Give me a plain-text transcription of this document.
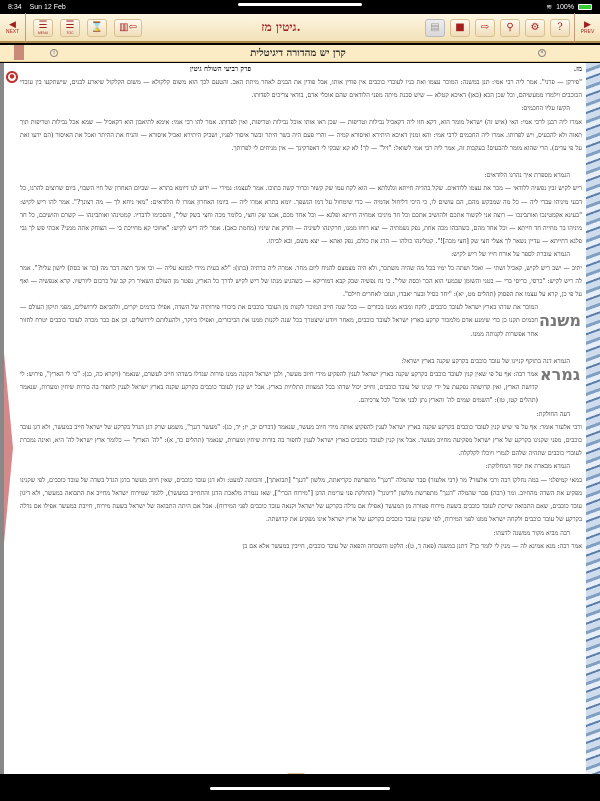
8:34 Sun 12 Feb	≋ 100%
◀
NEXT
☰
MENU
☰
TOC ⌛ ▥⇦	גיטין מז.	▤ ■ ⇨ ⚲ ⚙ ? ▶
PREV
i	קרן יש מהדורה דיגיטלית	×
●
מז.
פרק רביעי השולח גיטין

"פירקן — פרני". אמר ליה רבי אמי: תנן במשנה: המוכר עצמו ואת בניו לעובדי כוכבים אין פודין אותו, אבל פודין את הבנים לאחר מיתת האב. והטעם לכך הוא משום קלקולא — משום הקלקול שיארע לבנים, שישתקעו בין עובדי הכוכבים וילמדו ממעשיהם, וכל שכן הכא (כאן) דאיכא קטלא — שיש סכנת מיתה מפני הלודאים שהם אוכלי אדם, בודאי צריכים לפדותו.

הקשו עליו החכמים:

אמרו ליה רבנן לרבי אמי: האי (איש זה) ישראל מומר הוא, דקא חזו ליה דקאכיל נבילות וטריפות — שכן ראו אותו אוכל נבילות וטריפות, ואין לפדותו. אמר להו רבי אמי: אימא לתיאבון הוא דקאכיל — שמא אכל נבילות וטריפות תוך תאוה ולא להכעיס, ויש לפדותו. אמרו ליה החכמים לרבי אמי: והא זמנין דאיכא היתירא ואיסורא קמיה — והרי פעם היה בשר היתר ובשר איסור לפניו, ושביק היתירא ואכיל איסורא — והניח את ההיתר ואכל את האיסור (הם ידעו זאת על פי עדים). הרי שהוא מומר להכעיס! בעקבות זה, אמר ליה רבי אמי לשואל: "זיל" — לך! לא קא שבקי לי דאפרקינך — אין מניחים לי לפרותך.

הגמרא מספרת איך נהרגו הלודאים:

ריש לקיש זבין נפשיה ללודאי — מכר את עצמו ללודאים. שקל בהדיה חייתא וגלגלתא — הוא לקח עמו שק קשור וכדור קשה בתוכו. אמר לעצמו: גמירי — ידוע לנו דיומא בתרא — שביום האחרון של חיי השבוי, ביום שרוצים להרגו, כל דבעי מיניהו עבדי ליה — כל מה שמבקש מהם, הם עושים לו, כי היכי דליחול אדמיה — כדי שימחול על דמו הנשפך. יומא בתרא אמרו ליה — ביומו האחרון אמרו לו הלודאים: "מאי ניחא לך — מה רצונך?". אמר להו ריש לקיש: "בעינא אקמטינכו ואותבינכו — רוצה אני לקשור אתכם ולהושיב אתכם וכל חד מיניכו אמחיה חייתא ופלגא — וכל אחד מכם, אכנו שק וחצי, כלומר מכה וחצי בשק שלי", והסכימו לדבריו. קמטינהו ואותבינהו — קשרם והושיבם, כל חד מיניהו בר מחייה חד חייתא — וכל אחד מהם, כשהכהו מכה אחת, נפק נשמתיה — יצא רוחו ממנו, חרקינהו לשיניה — וחרק את שיניו (מחמת כאב). אמר ליה ריש לקיש: "אחוכי קא מחייכת בי — הצוחק אתה ממני? אכתי פש לך גבי פלגא דחייתא — עדיין נשאר לך אצלי חצי שק [חצי מכה]!". קטלינהו כולהו — הרג את כולם, נפק ואתא — יצא משם, ובא לביתו.

הגמרא עוברת לספר על אורח חייו של ריש לקיש:

יתיב — ישב ריש לקיש, קאכיל ושתי — ואכל ושתה כל ימיו בכל מה שהיה משתכר, ולא היה מצמצם להניח ליום מחר. אמרה ליה ברתיה (בתו): "לא בעית מידי למזגא עליה — וכי אינך רוצה דבר מה (כר או כסת) לישון עליו?". אמר לה ריש לקיש: "כרסי, כריסי ברי — בטני והשומן שבמעי הוא הכר וכסת שלי". כי נח נפשיה שבק קבא דמוריקא — כשהגיע מנתו של ריש לקיש לדרך כל הארץ, נפטר מן העולם השאיר רק קב של כרכום ליורשיו. קרא אנפשיה — ואף על פי כן, קרא על עצמו את הפסוק (תהלים מט, יא): "יחד כסיל ובער יאבדו, ועזבו לאחרים חילם".

משנה

המוכר את שדהו בארץ ישראל לעובד כוכבים, לוקח ומביא ממנו בכורים — בכל שנה חייב המוכר לקנות מן העובד כוכבים את ביכורי פירותיה של השדה, אפילו ברמים יקרים, ולהביאם לירושלים, מפני תיקון העולם — חכמים תקנו כן כדי שימנע אדם מלמכור קרקע בארץ ישראל לעובד כוכבים, מאחר ויודע שיצטרך בכל שנה לקנות ממנו את הביכורים, ואפילו ביוקר, ולהעלותם לירושלים. וכן אם כבר מכרה לעובד כוכבים יטרח לחזור אחר אפשרות לקנותה ממנו.

הגמרא דנה בתוקף קניינו של עובד כוכבים בקרקע שקנה בארץ ישראל:

גמרא

אמר רבה: אף על פי שאין קנין לעובד כוכבים בקרקע שקנה בארץ ישראל לענין להפקיע מידי חיוב מעשר, ולכן ישראל הקונה ממנו פירות שגדלו בשדהו חייב לעשרם, שנאמר (ויקרא כה, כג): "כי לי הארץ", פירוש: לי קדושת הארץ, ואין קדושתה נפקעת על ידי קנינו של עובד כוכבים, וחייב יכול שדהו בכל המצוות התלויות בארץ. אבל יש קנין לעובד כוכבים בקרקע שקנה בארץ ישראל לענין לחפור בה בורות שיחין ומערות, שנאמר (תהלים קטו, טז): "השמים שמים לה' והארץ נתן לבני אדם" לכל צרכיהם.

דעה החולקת:

ורבי אלעזר אומר: אף על פי שיש קנין לעובד כוכבים בקרקע שקנה בארץ ישראל לענין להפקיע אותה מידי חיוב מעשר, שנאמר (דברים יב, יז; יד, כג): "מעשר דגנך", משמע שרק דגן הגדל בקרקע של ישראל חייב במעשר, ולא דגן עובד כוכבים, מפני שקנינו בקרקע של ארץ ישראל מפקיעה מחיוב מעשר. אבל אין קנין לעובד כוכבים בארץ ישראל לענין לחפור בה בורות שיחין ומערות, שנאמר (תהלים כד, א): "לה' הארץ" — כלומר ארץ ישראל לה' היא, ואינה נמכרת לעובדי כוכבים שתהיה שלהם לגמרי ויוכלו לקלקלה.

הגמרא מבארת את יסוד המחלוקת:

במאי קמיפלגי — במה נחלקו רבה ורבי אלעזר? מר (רבי אלעזר) סבר שהמלה "דגנך" מתפרשת כקריאתה, מלשון "דגנך" [תבואתך], והכוונה למעט: ולא דגן עובד כוכבים, שאין חיוב מעשר בדגן הגדל בשדה של עובד כוכבים, לפי שקנינו מפקיע את השדה מהחיוב. ומר (רבה) סבר שהמלה "דגנך" מתפרשת מלשון "דיגונך" (החלקת פני ערימת הדגן ["מירוח הכרי"], שאז נגמרה מלאכת הדגן והתחייב במעשר), ללמד שמירוח ישראל מחייב את התבואה במעשר, ולא דיגון עובד כוכבים, שאם התבואה שייכת לעובד כוכבים בשעת מירוח פטורה מן המעשר (אפילו אם גדלה בקרקע של ישראל וקנאה עובד כוכבים לפני המירוח). אבל אם היתה התבואה של ישראל בשעת מירוח, חייבת במעשר אפילו אם גדלה בקרקע של עובד כוכבים ולקחה ישראל ממנו לפני המירוח, לפי שקנין עובד כוכבים בקרקע של ארץ ישראל אינו מפקיע את קדושתה.

רבה מביא מקור ממשנה לדעתו:

אמר רבה: מנא אמינא לה — מנין לי לומר כך? דתנן במשנה (פאה ד, ט): הלקט והשכחה והפאה של עובד כוכבים, חייבין במעשר אלא אם כן
